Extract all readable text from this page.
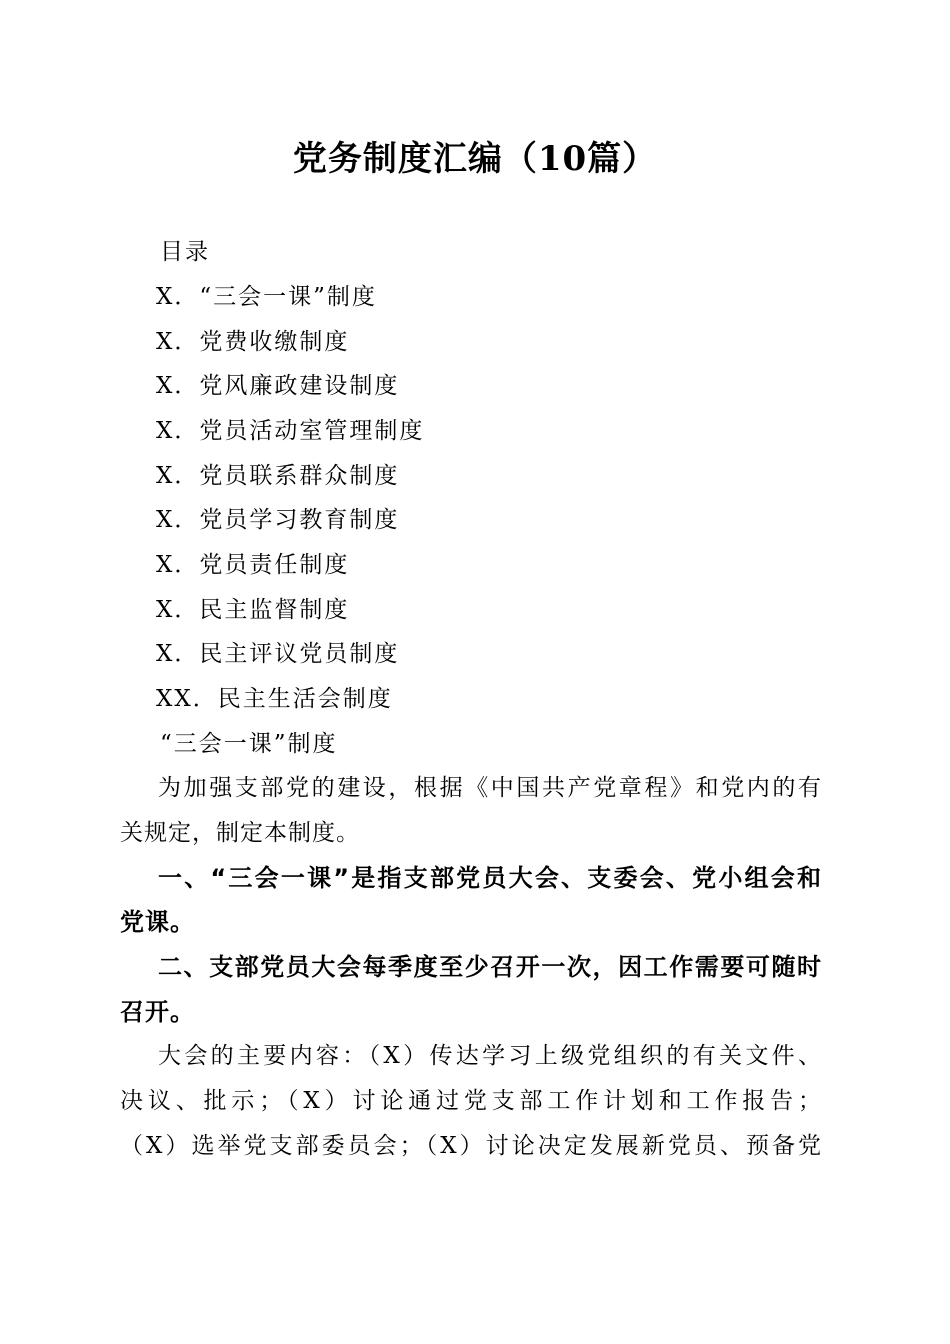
党务制度汇编（10篇）
目录
X．“三会一课”制度
X．党费收缴制度
X．党风廉政建设制度
X．党员活动室管理制度
X．党员联系群众制度
X．党员学习教育制度
X．党员责任制度
X．民主监督制度
X．民主评议党员制度
XX．民主生活会制度
“三会一课”制度
为加强支部党的建设，根据《中国共产党章程》和党内的有
关规定，制定本制度。
一、“三会一课”是指支部党员大会、支委会、党小组会和
党课。
二、支部党员大会每季度至少召开一次，因工作需要可随时
召开。
大会的主要内容：（X）传达学习上级党组织的有关文件、
决议、批示；（X）讨论通过党支部工作计划和工作报告；
（X）选举党支部委员会；（X）讨论决定发展新党员、预备党
